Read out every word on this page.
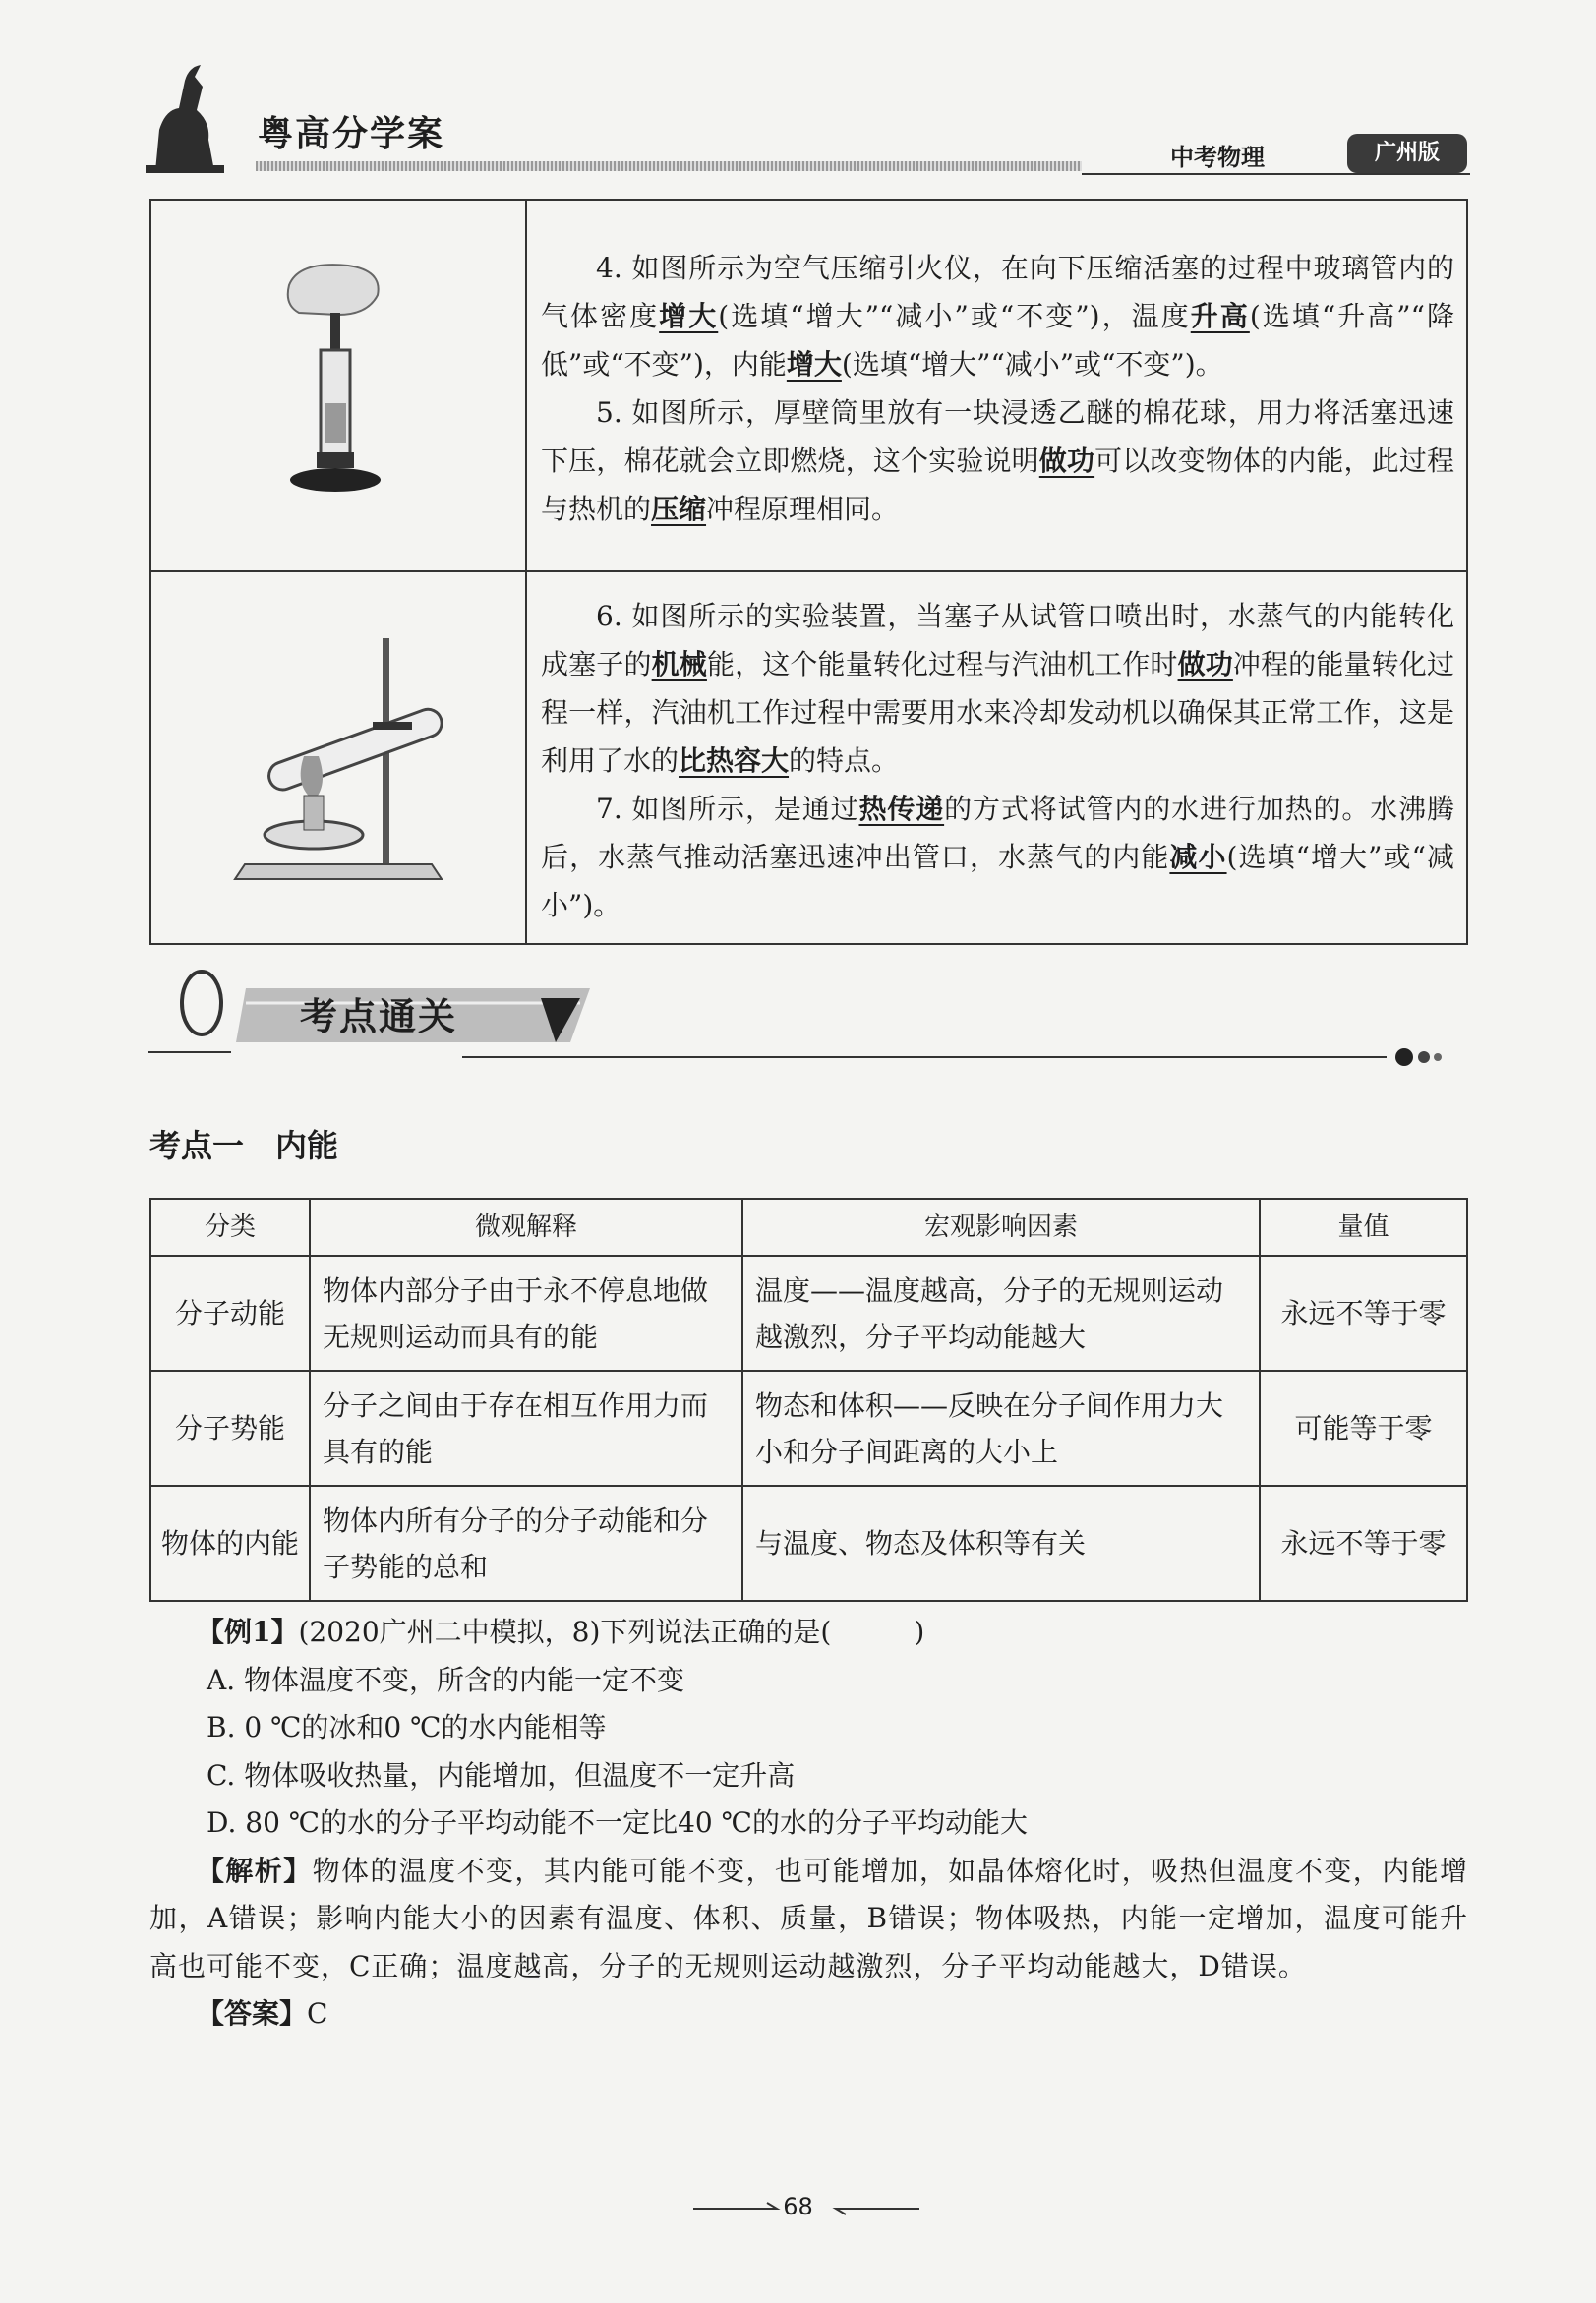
粤高分学案
中考物理	广州版

4. 如图所示为空气压缩引火仪，在向下压缩活塞的过程中玻璃管内的气体密度增大(选填“增大”“减小”或“不变”)，温度升高(选填“升高”“降低”或“不变”)，内能增大(选填“增大”“减小”或“不变”)。

5. 如图所示，厚壁筒里放有一块浸透乙醚的棉花球，用力将活塞迅速下压，棉花就会立即燃烧，这个实验说明做功可以改变物体的内能，此过程与热机的压缩冲程原理相同。

6. 如图所示的实验装置，当塞子从试管口喷出时，水蒸气的内能转化成塞子的机械能，这个能量转化过程与汽油机工作时做功冲程的能量转化过程一样，汽油机工作过程中需要用水来冷却发动机以确保其正常工作，这是利用了水的比热容大的特点。

7. 如图所示，是通过热传递的方式将试管内的水进行加热的。水沸腾后，水蒸气推动活塞迅速冲出管口，水蒸气的内能减小(选填“增大”或“减小”)。

考点通关
考点一　内能
分类	微观解释	宏观影响因素	量值
分子动能	物体内部分子由于永不停息地做无规则运动而具有的能	温度——温度越高，分子的无规则运动越激烈，分子平均动能越大	永远不等于零
分子势能	分子之间由于存在相互作用力而具有的能	物态和体积——反映在分子间作用力大小和分子间距离的大小上	可能等于零
物体的内能	物体内所有分子的分子动能和分子势能的总和	与温度、物态及体积等有关	永远不等于零

【例1】(2020广州二中模拟，8)下列说法正确的是(　　　)

A. 物体温度不变，所含的内能一定不变

B. 0 ℃的冰和0 ℃的水内能相等

C. 物体吸收热量，内能增加，但温度不一定升高

D. 80 ℃的水的分子平均动能不一定比40 ℃的水的分子平均动能大

【解析】物体的温度不变，其内能可能不变，也可能增加，如晶体熔化时，吸热但温度不变，内能增加，A错误；影响内能大小的因素有温度、体积、质量，B错误；物体吸热，内能一定增加，温度可能升高也可能不变，C正确；温度越高，分子的无规则运动越激烈，分子平均动能越大，D错误。

【答案】C

68
